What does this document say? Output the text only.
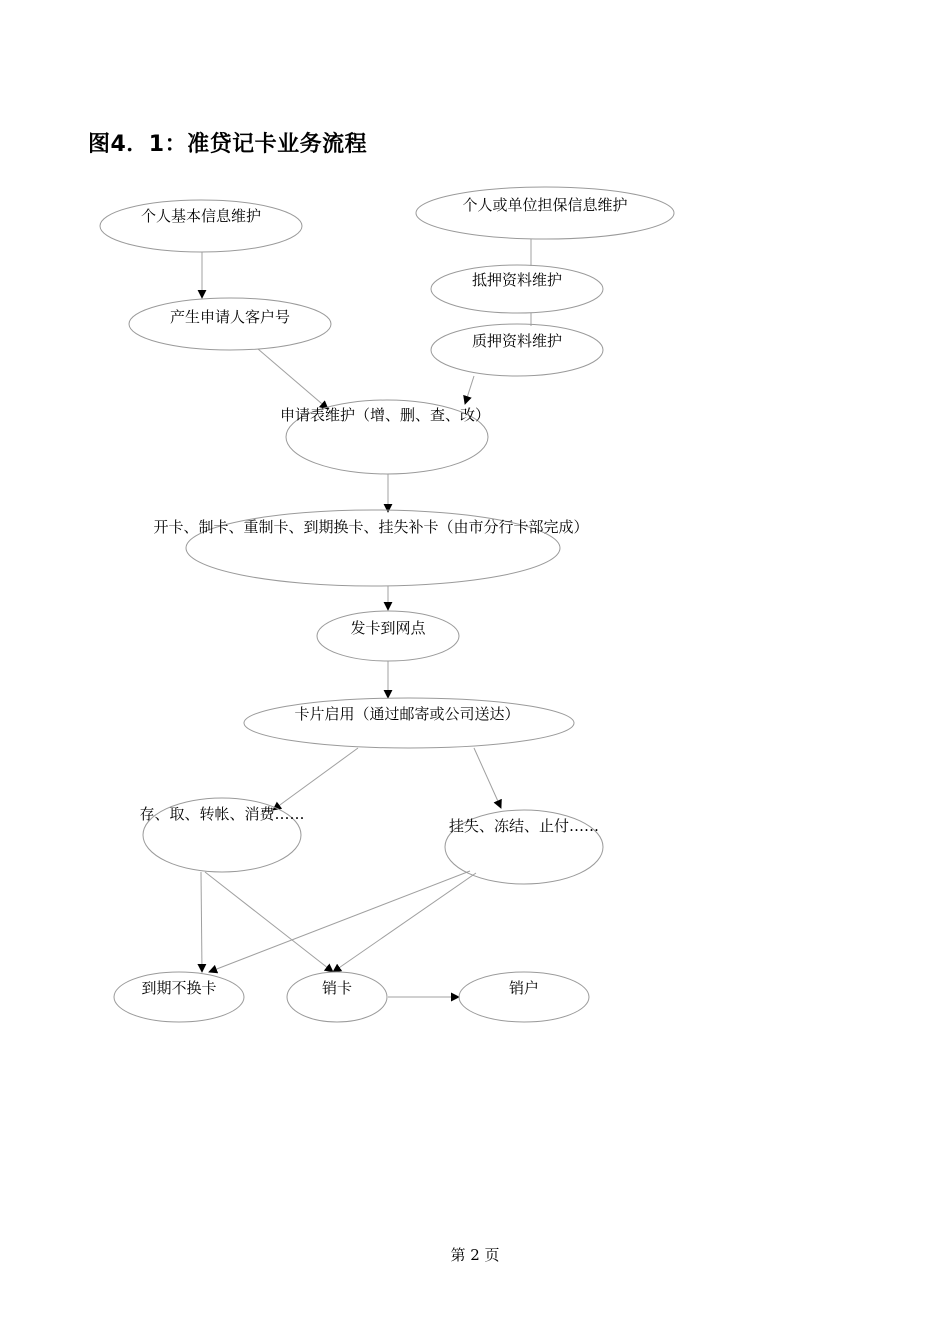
图4．1：准贷记卡业务流程
个人基本信息维护
个人或单位担保信息维护
抵押资料维护
质押资料维护
产生申请人客户号
申请表维护（增、删、查、改）
开卡、制卡、重制卡、到期换卡、挂失补卡（由市分行卡部完成）
发卡到网点
卡片启用（通过邮寄或公司送达）
存、取、转帐、消费……
挂失、冻结、止付……
到期不换卡	销卡	销户
第 2 页
